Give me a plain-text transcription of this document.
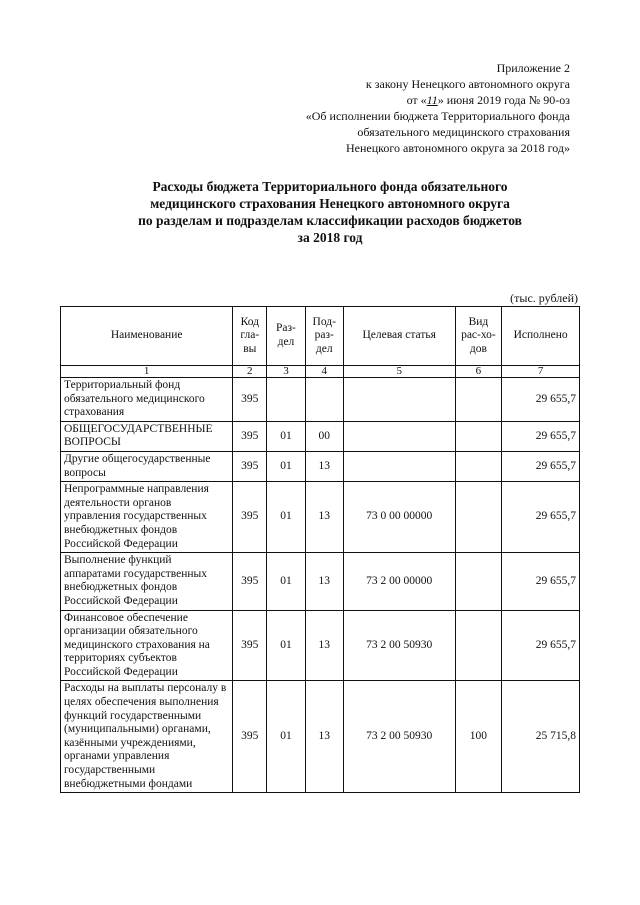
Приложение 2
к закону Ненецкого автономного округа
от «11» июня 2019 года № 90-оз
«Об исполнении бюджета Территориального фонда
обязательного медицинского страхования
Ненецкого автономного округа за 2018 год»
Расходы бюджета Территориального фонда обязательного
медицинского страхования Ненецкого автономного округа
по разделам и подразделам классификации расходов бюджетов
за 2018 год
(тыс. рублей)
Наименование	Код гла-вы	Раз-дел	Под-раз-дел	Целевая статья	Вид рас-хо-дов	Исполнено
1	2	3	4	5	6	7
Территориальный фонд обязательного медицинского страхования	395					29 655,7
ОБЩЕГОСУДАРСТВЕННЫЕ ВОПРОСЫ	395	01	00			29 655,7
Другие общегосударственные вопросы	395	01	13			29 655,7
Непрограммные направления деятельности органов управления государственных внебюджетных фондов Российской Федерации	395	01	13	73 0 00 00000		29 655,7
Выполнение функций аппаратами государственных внебюджетных фондов Российской Федерации	395	01	13	73 2 00 00000		29 655,7
Финансовое обеспечение организации обязательного медицинского страхования на территориях субъектов Российской Федерации	395	01	13	73 2 00 50930		29 655,7
Расходы на выплаты персоналу в целях обеспечения выполнения функций государственными (муниципальными) органами, казёнными учреждениями, органами управления государственными внебюджетными фондами	395	01	13	73 2 00 50930	100	25 715,8
